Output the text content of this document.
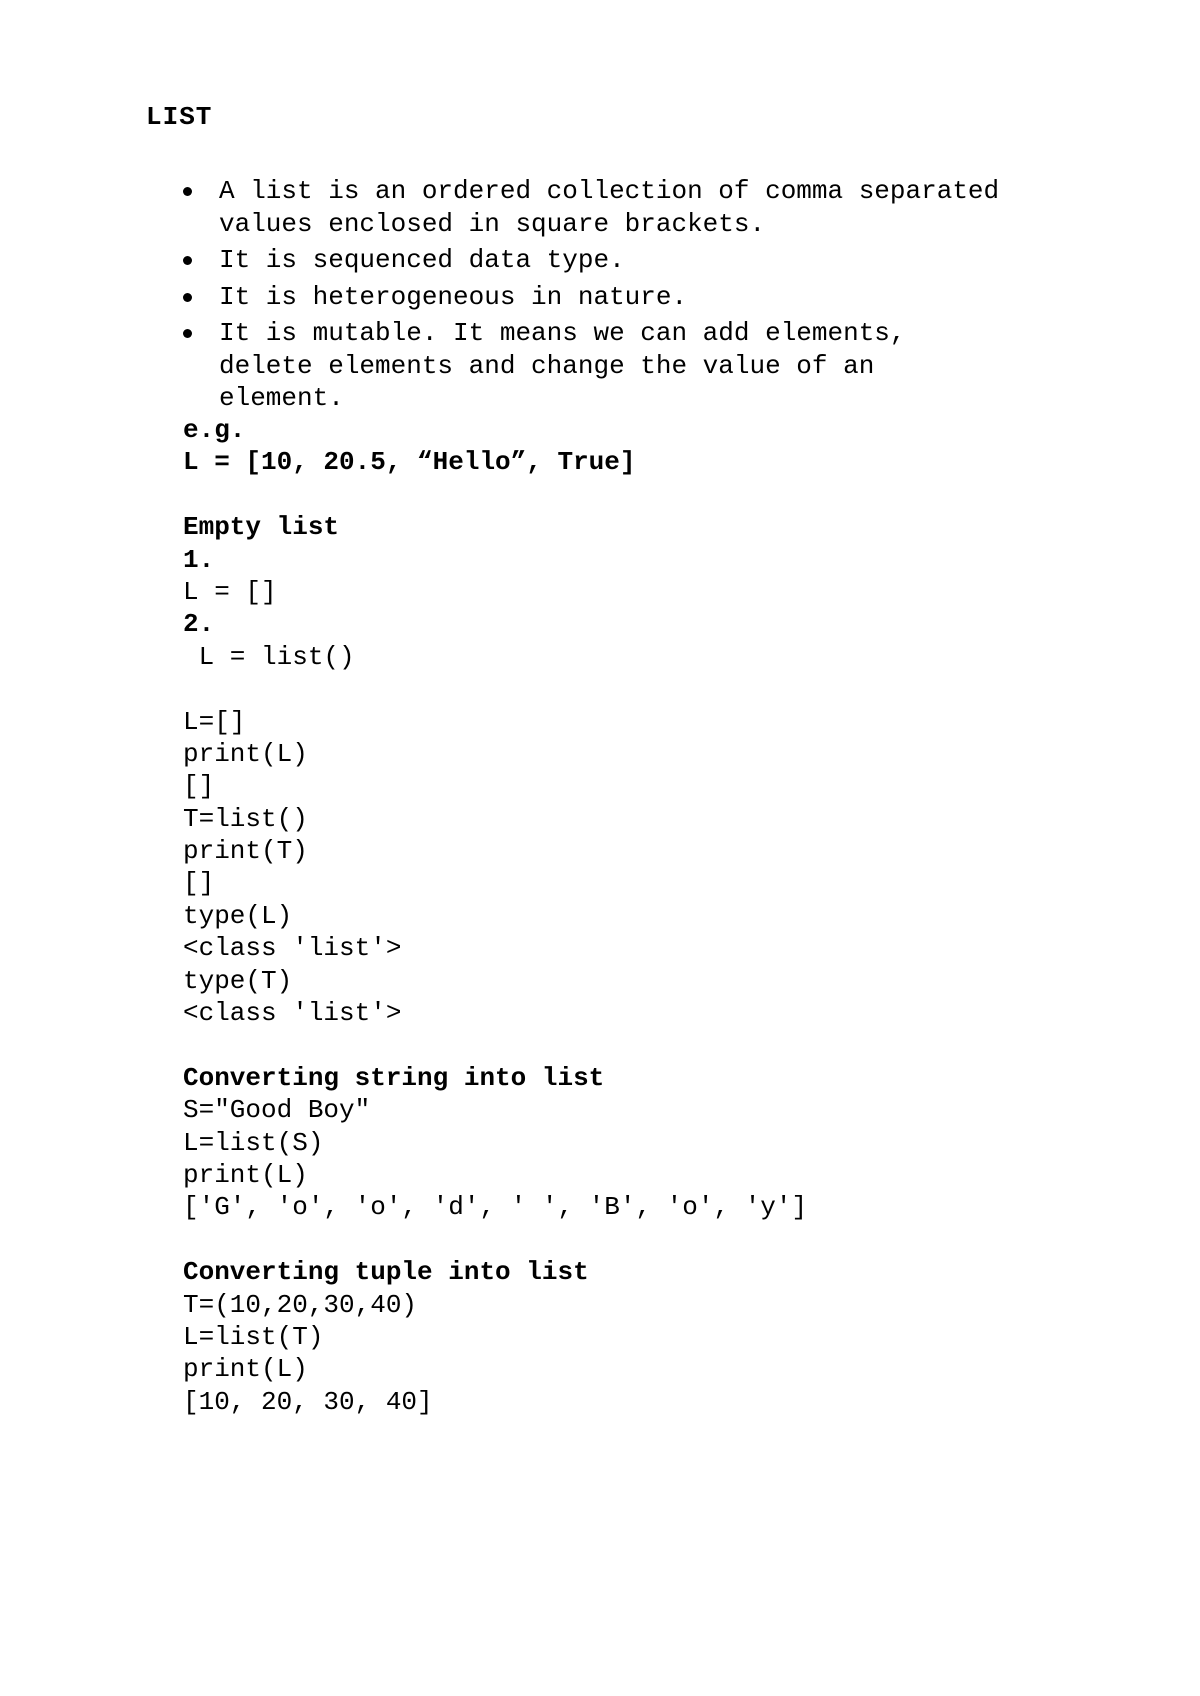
LIST
A list is an ordered collection of comma separated values enclosed in square brackets.
It is sequenced data type.
It is heterogeneous in nature.
It is mutable. It means we can add elements, delete elements and change the value of an element.
e.g.
L = [10, 20.5, “Hello”, True]
Empty list
1.
L = []
2.
L = list()
L=[]
print(L)
[]
T=list()
print(T)
[]
type(L)
<class 'list'>
type(T)
<class 'list'>
Converting string into list
S="Good Boy"
L=list(S)
print(L)
['G', 'o', 'o', 'd', ' ', 'B', 'o', 'y']
Converting tuple into list
T=(10,20,30,40)
L=list(T)
print(L)
[10, 20, 30, 40]
